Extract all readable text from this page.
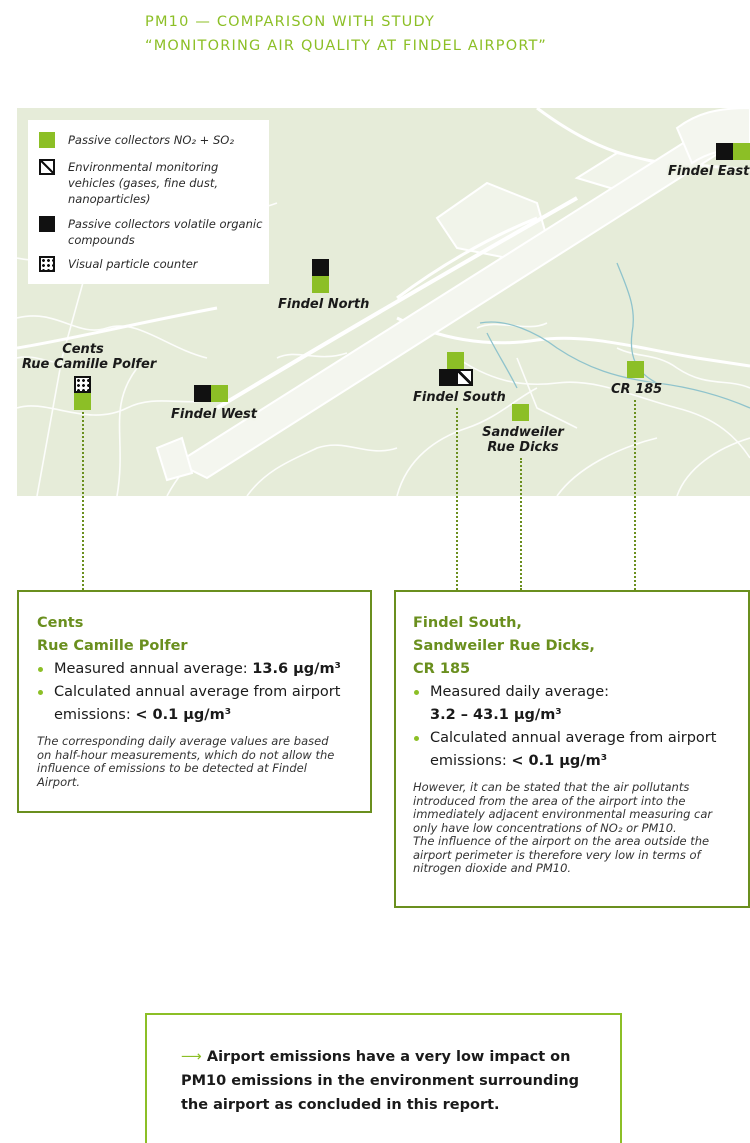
PM10 — COMPARISON WITH STUDY
“MONITORING AIR QUALITY AT FINDEL AIRPORT”
Passive collectors NO₂ + SO₂
Environmental monitoring vehicles (gases, fine dust, nanoparticles)
Passive collectors volatile organic compounds
Visual particle counter
Findel East
Findel North
Cents
Rue Camille Polfer
Findel West
Findel South
CR 185
Sandweiler
Rue Dicks
Cents
Rue Camille Polfer
Measured annual average: 13.6 µg/m³
Calculated annual average from airport emissions: < 0.1 µg/m³
The corresponding daily average values are based on half-hour measurements, which do not allow the influence of emissions to be detected at Findel Airport.
Findel South,
Sandweiler Rue Dicks,
CR 185
Measured daily average:
3.2 – 43.1 µg/m³
Calculated annual average from airport emissions: < 0.1 µg/m³
However, it can be stated that the air pollutants introduced from the area of the airport into the immediately adjacent environmental measuring car only have low concentrations of NO₂ or PM10.
The influence of the airport on the area outside the airport perimeter is therefore very low in terms of nitrogen dioxide and PM10.
⟶ Airport emissions have a very low impact on PM10 emissions in the environment surrounding the airport as concluded in this report.
